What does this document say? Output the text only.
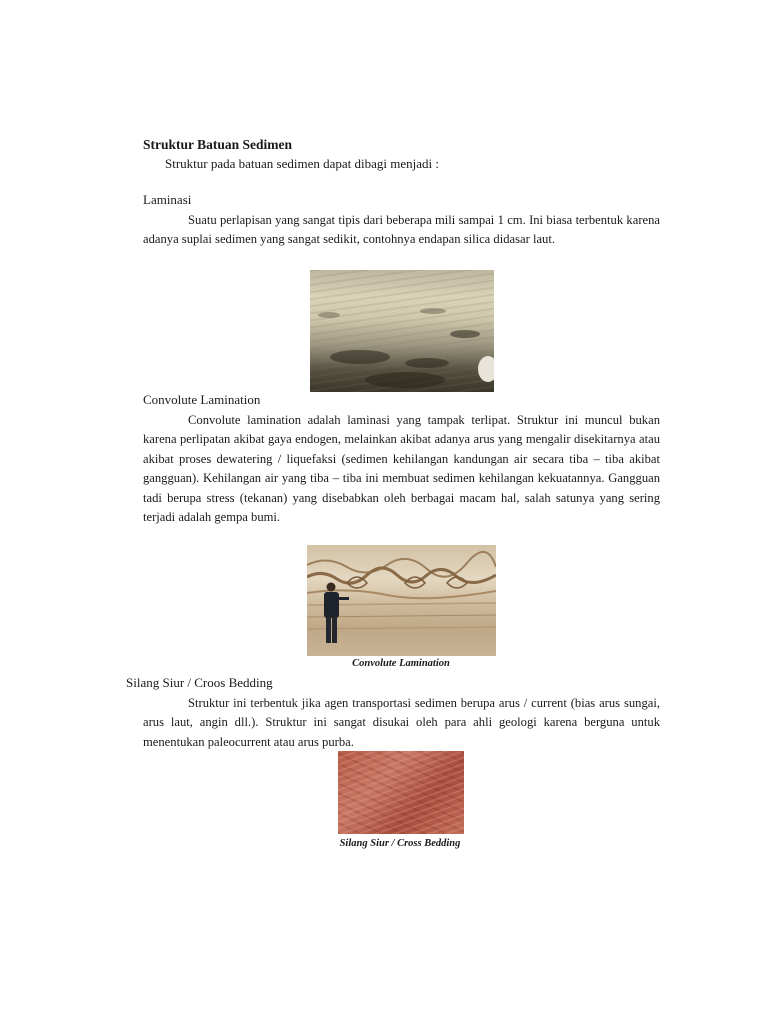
Struktur Batuan Sedimen
Struktur pada batuan sedimen dapat dibagi menjadi :
Laminasi
Suatu perlapisan yang sangat tipis dari beberapa mili sampai 1 cm. Ini biasa terbentuk karena adanya suplai sedimen yang sangat sedikit, contohnya endapan silica didasar laut.
Convolute Lamination
Convolute lamination adalah laminasi yang tampak terlipat. Struktur ini muncul bukan karena perlipatan akibat gaya endogen, melainkan akibat adanya arus yang mengalir disekitarnya atau akibat proses dewatering / liquefaksi (sedimen kehilangan kandungan air secara tiba – tiba akibat gangguan). Kehilangan air yang tiba – tiba ini membuat sedimen kehilangan kekuatannya. Gangguan tadi berupa stress (tekanan) yang disebabkan oleh berbagai macam hal, salah satunya yang sering terjadi adalah gempa bumi.
Convolute Lamination
Silang Siur / Croos Bedding
Struktur ini terbentuk jika agen transportasi sedimen berupa arus / current (bias arus sungai, arus laut, angin dll.). Struktur ini sangat disukai oleh para ahli geologi karena berguna untuk menentukan paleocurrent atau arus purba.
Silang Siur / Cross Bedding
